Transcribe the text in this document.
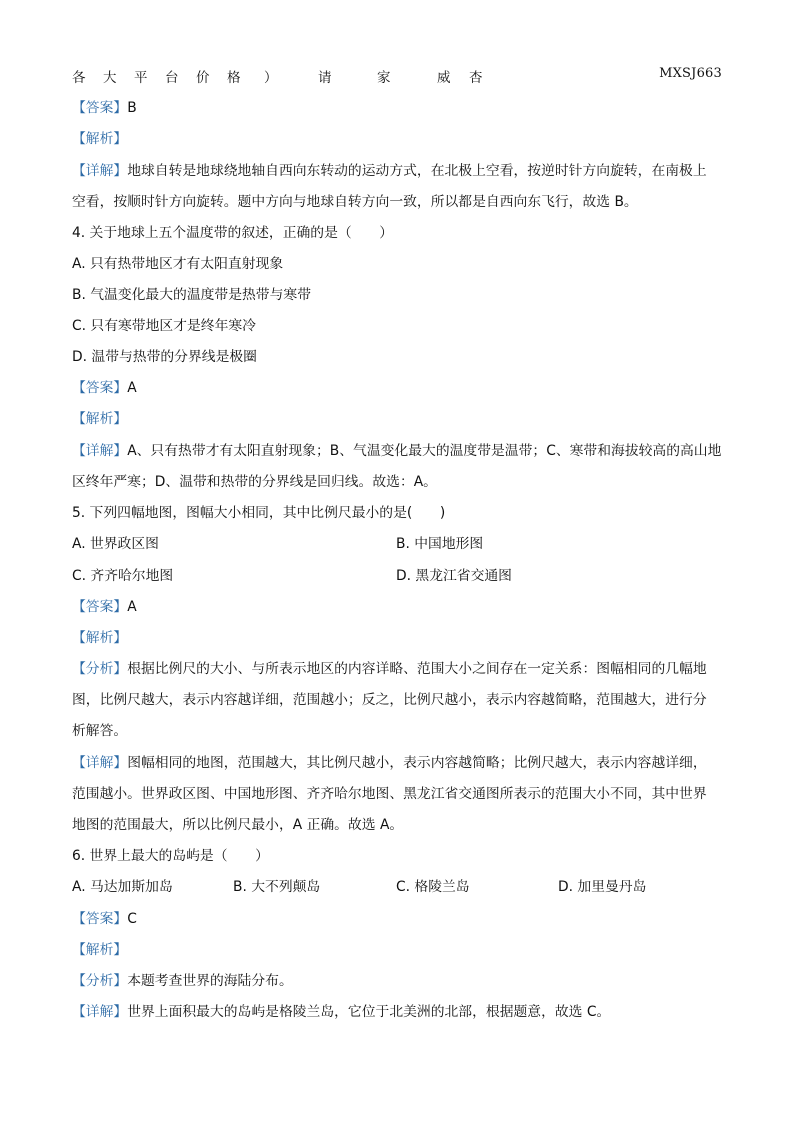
各 大 平 台 价 格 ）	请	家	威 杏	MXSJ663
【答案】B
【解析】
【详解】地球自转是地球绕地轴自西向东转动的运动方式，在北极上空看，按逆时针方向旋转，在南极上
空看，按顺时针方向旋转。题中方向与地球自转方向一致，所以都是自西向东飞行，故选 B。
4. 关于地球上五个温度带的叙述，正确的是（　　）
A. 只有热带地区才有太阳直射现象
B. 气温变化最大的温度带是热带与寒带
C. 只有寒带地区才是终年寒冷
D. 温带与热带的分界线是极圈
【答案】A
【解析】
【详解】A、只有热带才有太阳直射现象；B、气温变化最大的温度带是温带；C、寒带和海拔较高的高山地
区终年严寒；D、温带和热带的分界线是回归线。故选：A。
5. 下列四幅地图，图幅大小相同，其中比例尺最小的是(　　)
A. 世界政区图	B. 中国地形图
C. 齐齐哈尔地图	D. 黑龙江省交通图
【答案】A
【解析】
【分析】根据比例尺的大小、与所表示地区的内容详略、范围大小之间存在一定关系：图幅相同的几幅地
图，比例尺越大，表示内容越详细，范围越小；反之，比例尺越小，表示内容越简略，范围越大，进行分
析解答。
【详解】图幅相同的地图，范围越大，其比例尺越小，表示内容越简略；比例尺越大，表示内容越详细，
范围越小。世界政区图、中国地形图、齐齐哈尔地图、黑龙江省交通图所表示的范围大小不同，其中世界
地图的范围最大，所以比例尺最小，A 正确。故选 A。
6. 世界上最大的岛屿是（　　）
A. 马达加斯加岛	B. 大不列颠岛	C. 格陵兰岛	D. 加里曼丹岛
【答案】C
【解析】
【分析】本题考查世界的海陆分布。
【详解】世界上面积最大的岛屿是格陵兰岛，它位于北美洲的北部，根据题意，故选 C。
